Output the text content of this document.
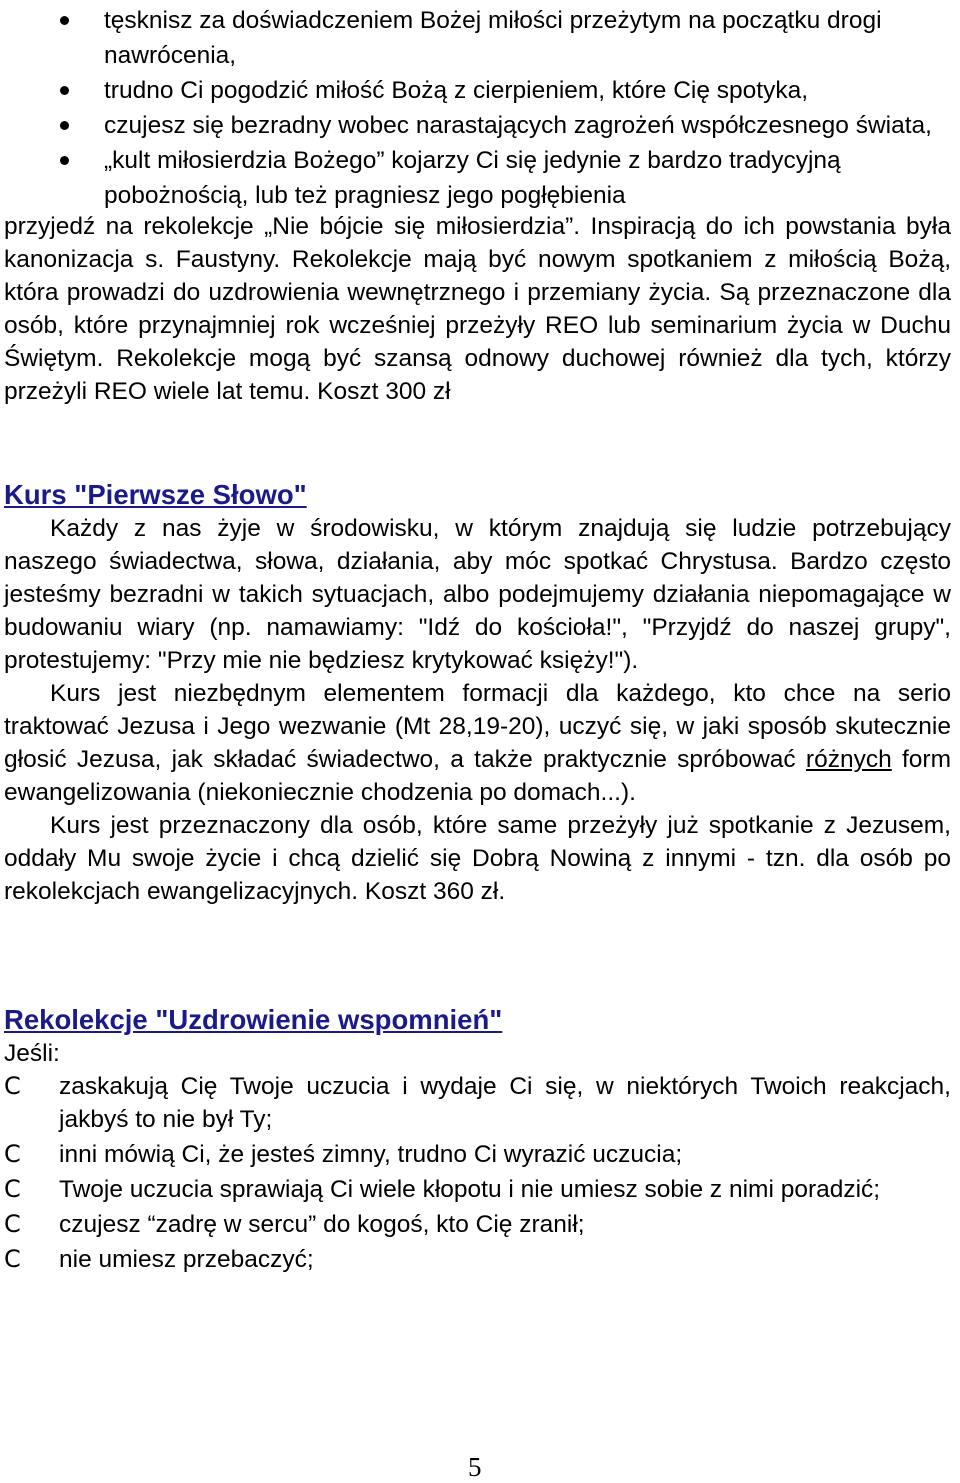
tęsknisz za doświadczeniem Bożej miłości przeżytym na początku drogi nawrócenia,
trudno Ci pogodzić miłość Bożą z cierpieniem, które Cię spotyka,
czujesz się bezradny wobec narastających zagrożeń współczesnego świata,
„kult miłosierdzia Bożego” kojarzy Ci się jedynie z bardzo tradycyjną pobożnością, lub też pragniesz jego pogłębienia

przyjedź na rekolekcje „Nie bójcie się miłosierdzia”. Inspiracją do ich powstania była kanonizacja s. Faustyny. Rekolekcje mają być nowym spotkaniem z miłością Bożą, która prowadzi do uzdrowienia wewnętrznego i przemiany życia. Są przeznaczone dla osób, które przynajmniej rok wcześniej przeżyły REO lub seminarium życia w Duchu Świętym. Rekolekcje mogą być szansą odnowy duchowej również dla tych, którzy przeżyli REO wiele lat temu. Koszt 300 zł

Kurs "Pierwsze Słowo"

Każdy z nas żyje w środowisku, w którym znajdują się ludzie potrzebujący naszego świadectwa, słowa, działania, aby móc spotkać Chrystusa. Bardzo często jesteśmy bezradni w takich sytuacjach, albo podejmujemy działania niepomagające w budowaniu wiary (np. namawiamy: "Idź do kościoła!", "Przyjdź do naszej grupy", protestujemy: "Przy mie nie będziesz krytykować księży!").

Kurs jest niezbędnym elementem formacji dla każdego, kto chce na serio traktować Jezusa i Jego wezwanie (Mt 28,19-20), uczyć się, w jaki sposób skutecznie głosić Jezusa, jak składać świadectwo, a także praktycznie spróbować różnych form ewangelizowania (niekoniecznie chodzenia po domach...).

Kurs jest przeznaczony dla osób, które same przeżyły już spotkanie z Jezusem, oddały Mu swoje życie i chcą dzielić się Dobrą Nowiną z innymi - tzn. dla osób po rekolekcjach ewangelizacyjnych. Koszt 360 zł.

Rekolekcje "Uzdrowienie wspomnień"

Jeśli:

C zaskakują Cię Twoje uczucia i wydaje Ci się, w niektórych Twoich reakcjach, jakbyś to nie był Ty;
C inni mówią Ci, że jesteś zimny, trudno Ci wyrazić uczucia;
C Twoje uczucia sprawiają Ci wiele kłopotu i nie umiesz sobie z nimi poradzić;
C czujesz “zadrę w sercu” do kogoś, kto Cię zranił;
C nie umiesz przebaczyć;
5
